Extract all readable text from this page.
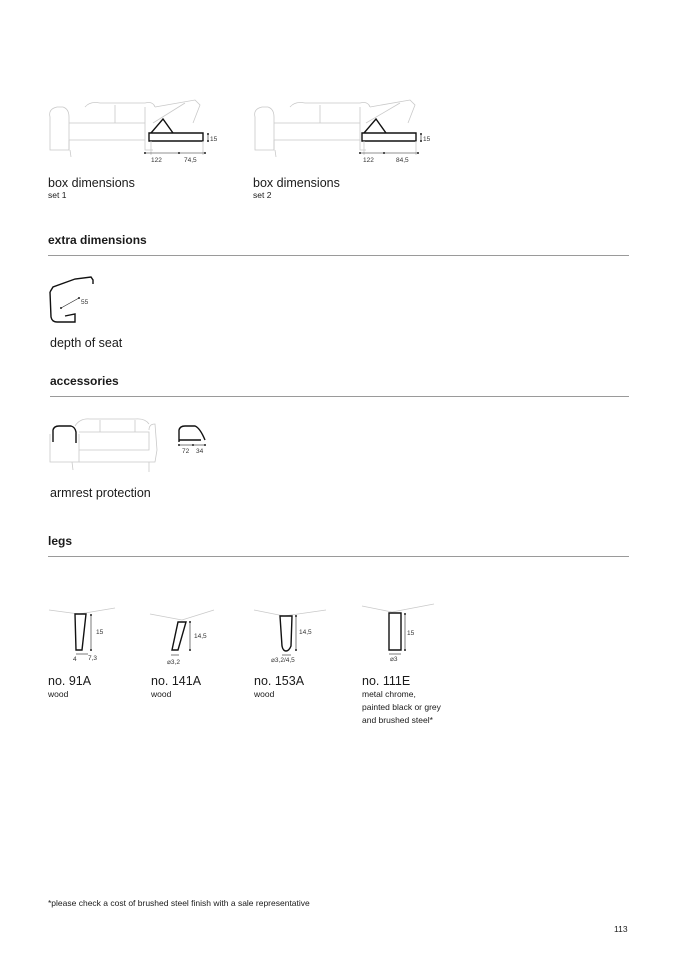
15
122	74,5
box dimensions
set 1
15
122	84,5
box dimensions
set 2
extra dimensions
55
depth of seat
accessories
72 34
armrest protection
legs
15
4 7,3
no. 91A
wood
14,5
⌀3,2
no. 141A
wood
14,5
⌀3,2/4,5
no. 153A
wood
15
⌀3
no. 111E
metal chrome,
painted black or grey
and brushed steel*
*please check a cost of brushed steel finish with a sale representative
113
